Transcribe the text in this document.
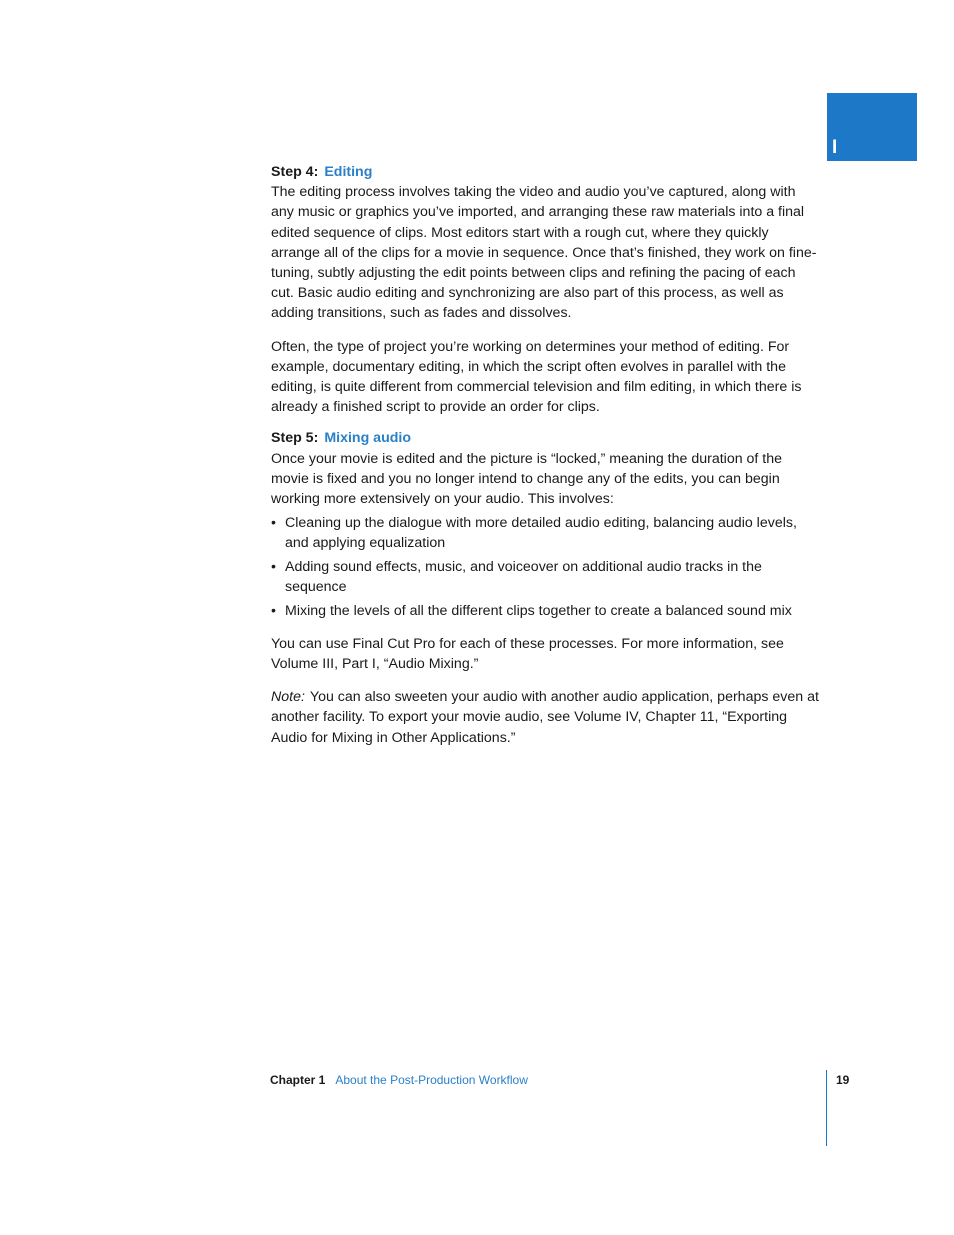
I
Step 4: Editing

The editing process involves taking the video and audio you’ve captured, along with any music or graphics you’ve imported, and arranging these raw materials into a final edited sequence of clips. Most editors start with a rough cut, where they quickly arrange all of the clips for a movie in sequence. Once that’s finished, they work on fine-tuning, subtly adjusting the edit points between clips and refining the pacing of each cut. Basic audio editing and synchronizing are also part of this process, as well as adding transitions, such as fades and dissolves.

Often, the type of project you’re working on determines your method of editing. For example, documentary editing, in which the script often evolves in parallel with the editing, is quite different from commercial television and film editing, in which there is already a finished script to provide an order for clips.

Step 5: Mixing audio

Once your movie is edited and the picture is “locked,” meaning the duration of the movie is fixed and you no longer intend to change any of the edits, you can begin working more extensively on your audio. This involves:

• Cleaning up the dialogue with more detailed audio editing, balancing audio levels, and applying equalization
• Adding sound effects, music, and voiceover on additional audio tracks in the sequence
• Mixing the levels of all the different clips together to create a balanced sound mix

You can use Final Cut Pro for each of these processes. For more information, see Volume III, Part I, “Audio Mixing.”

Note: You can also sweeten your audio with another audio application, perhaps even at another facility. To export your movie audio, see Volume IV, Chapter 11, “Exporting Audio for Mixing in Other Applications.”

Chapter 1 About the Post-Production Workflow	19
